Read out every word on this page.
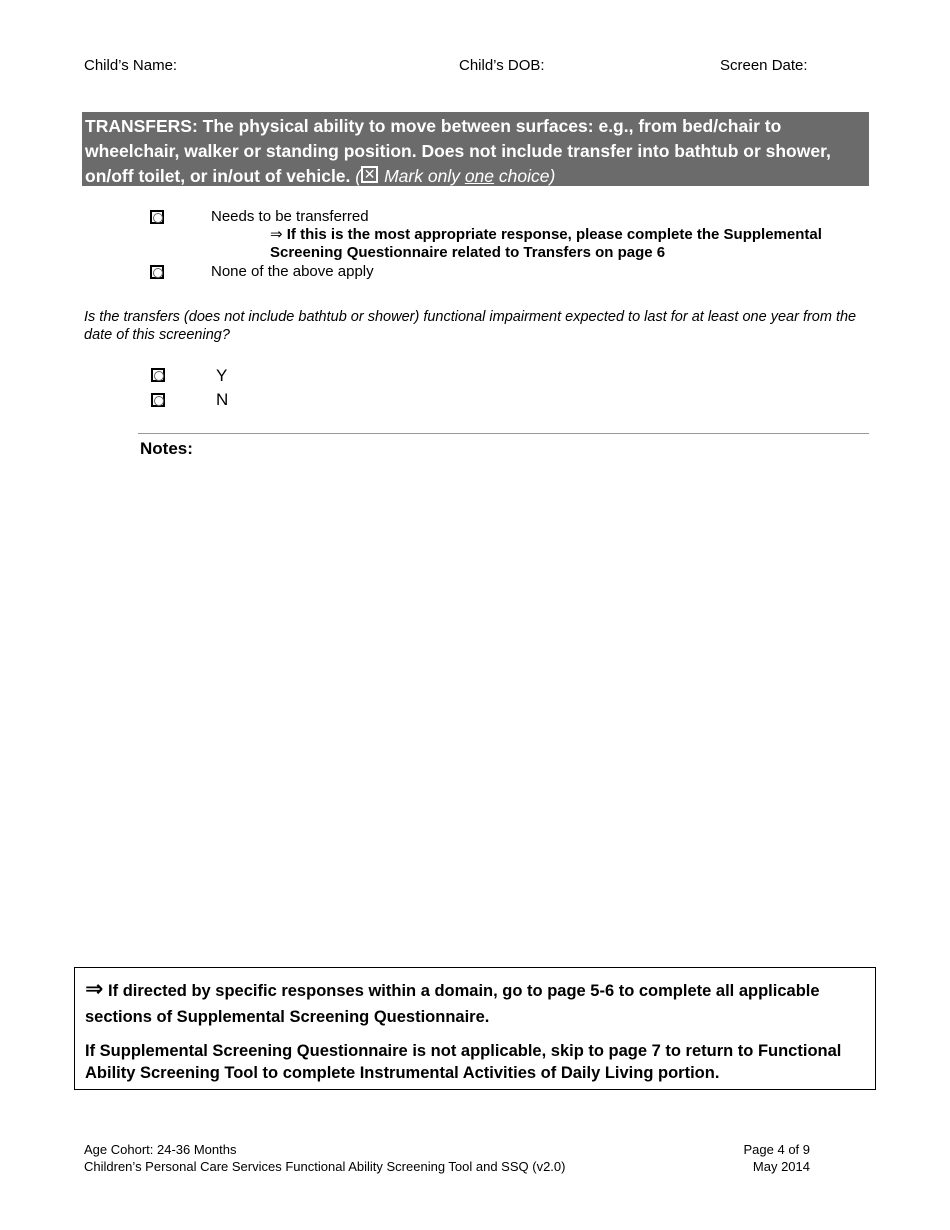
Child’s Name:	Child’s DOB:	Screen Date:
TRANSFERS: The physical ability to move between surfaces: e.g., from bed/chair to wheelchair, walker or standing position. Does not include transfer into bathtub or shower, on/off toilet, or in/out of vehicle. ( ✕ Mark only one choice)
Needs to be transferred
⇒ If this is the most appropriate response, please complete the Supplemental Screening Questionnaire related to Transfers on page 6
None of the above apply
Is the transfers (does not include bathtub or shower) functional impairment expected to last for at least one year from the date of this screening?
Y
N
Notes:

⇒ If directed by specific responses within a domain, go to page 5-6 to complete all applicable sections of Supplemental Screening Questionnaire.

If Supplemental Screening Questionnaire is not applicable, skip to page 7 to return to Functional Ability Screening Tool to complete Instrumental Activities of Daily Living portion.

Age Cohort: 24-36 Months
Children’s Personal Care Services Functional Ability Screening Tool and SSQ (v2.0)
Page 4 of 9
May 2014
